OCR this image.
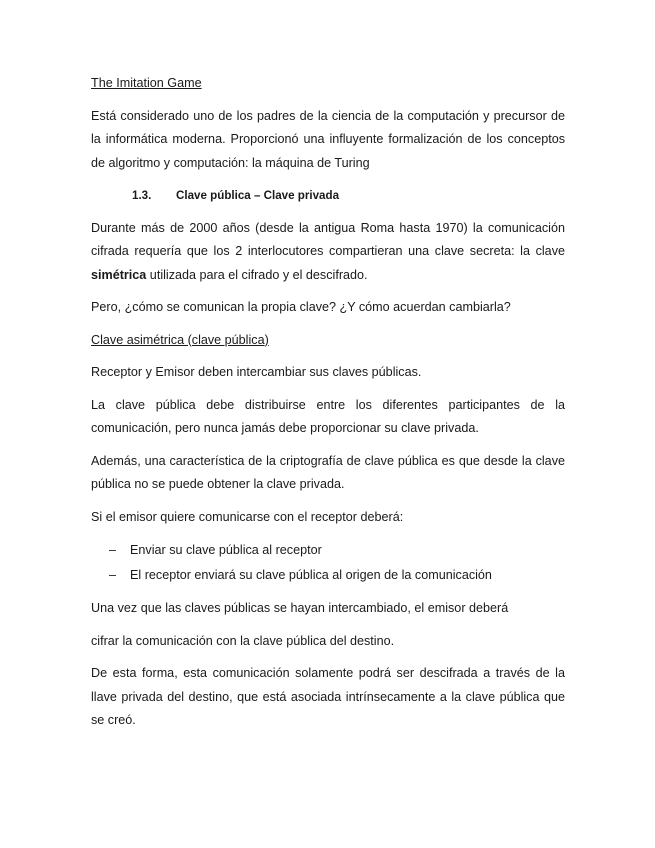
The Imitation Game

Está considerado uno de los padres de la ciencia de la computación y precursor de la informática moderna. Proporcionó una influyente formalización de los conceptos de algoritmo y computación: la máquina de Turing

1.3. Clave pública – Clave privada

Durante más de 2000 años (desde la antigua Roma hasta 1970) la comunicación cifrada requería que los 2 interlocutores compartieran una clave secreta: la clave simétrica utilizada para el cifrado y el descifrado.

Pero, ¿cómo se comunican la propia clave? ¿Y cómo acuerdan cambiarla?

Clave asimétrica (clave pública)

Receptor y Emisor deben intercambiar sus claves públicas.

La clave pública debe distribuirse entre los diferentes participantes de la comunicación, pero nunca jamás debe proporcionar su clave privada.

Además, una característica de la criptografía de clave pública es que desde la clave pública no se puede obtener la clave privada.

Si el emisor quiere comunicarse con el receptor deberá:

– Enviar su clave pública al receptor
– El receptor enviará su clave pública al origen de la comunicación

Una vez que las claves públicas se hayan intercambiado, el emisor deberá

cifrar la comunicación con la clave pública del destino.

De esta forma, esta comunicación solamente podrá ser descifrada a través de la llave privada del destino, que está asociada intrínsecamente a la clave pública que se creó.
